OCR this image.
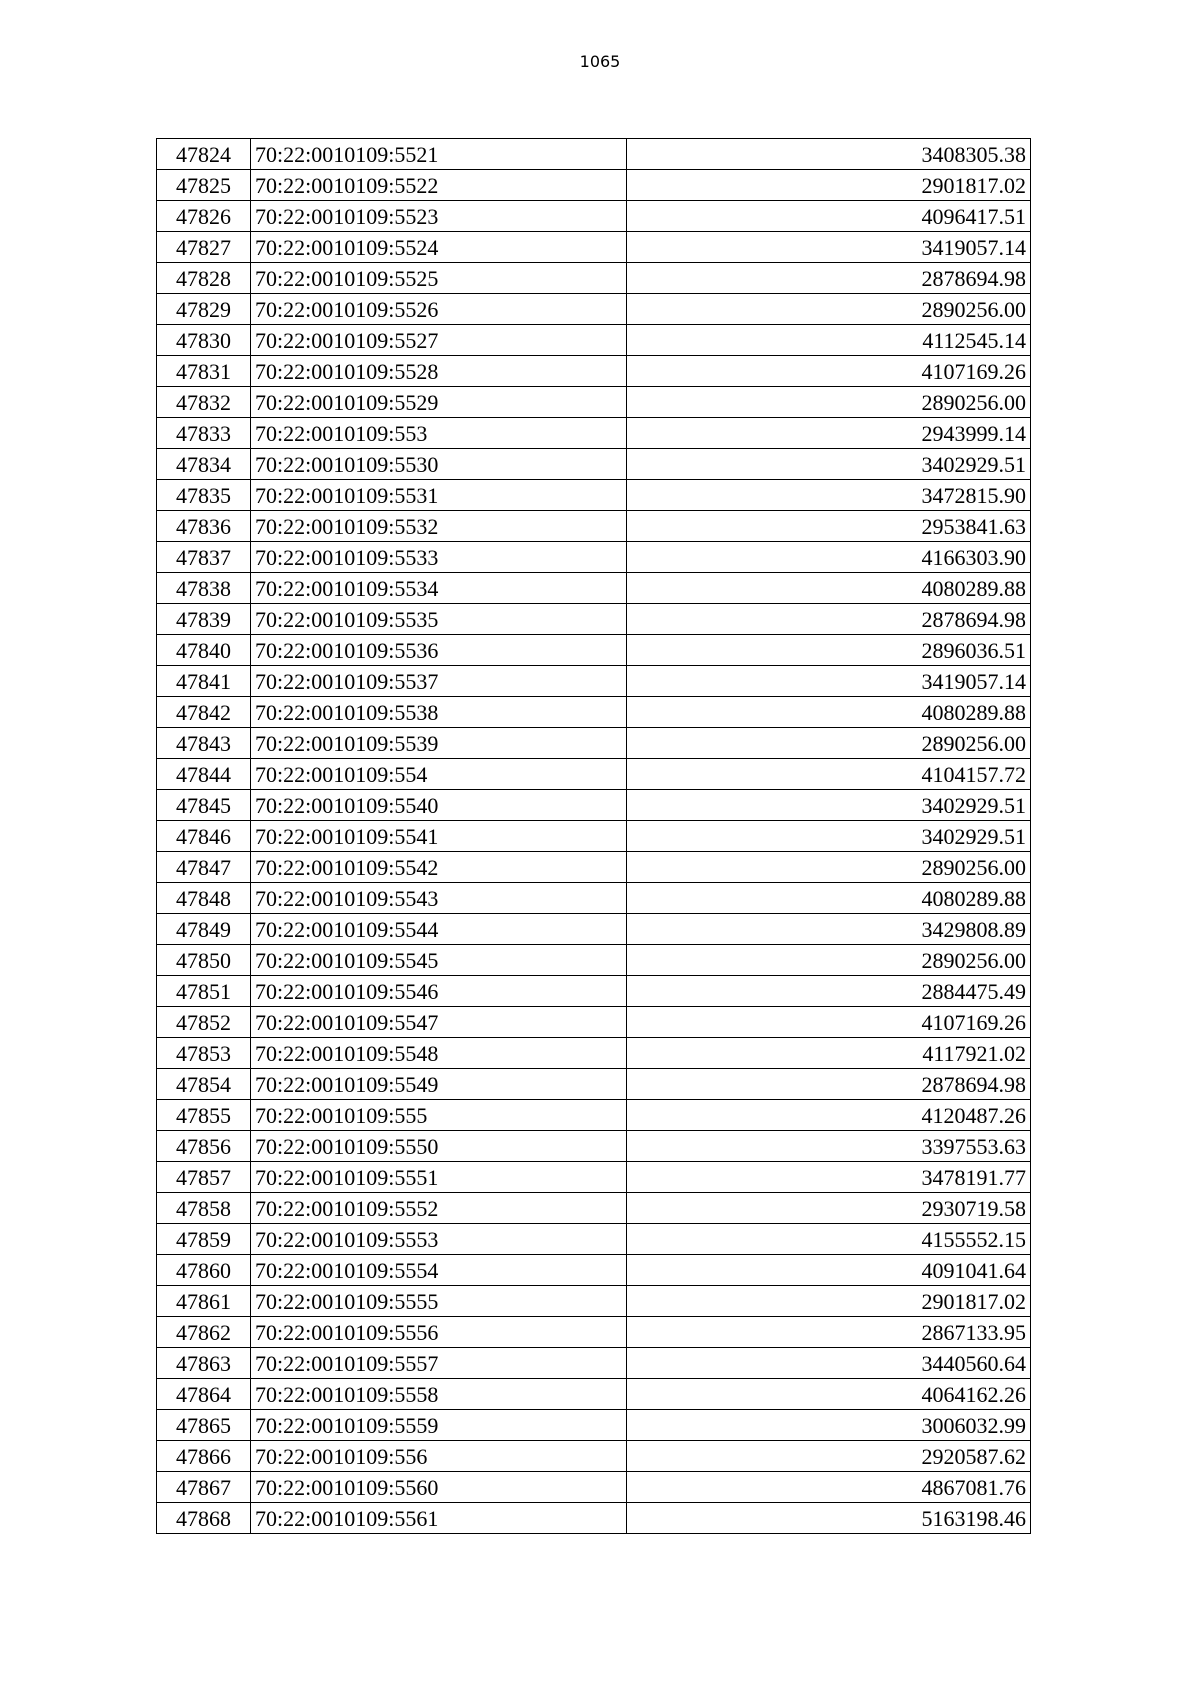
1065
47824	70:22:0010109:5521	3408305.38
47825	70:22:0010109:5522	2901817.02
47826	70:22:0010109:5523	4096417.51
47827	70:22:0010109:5524	3419057.14
47828	70:22:0010109:5525	2878694.98
47829	70:22:0010109:5526	2890256.00
47830	70:22:0010109:5527	4112545.14
47831	70:22:0010109:5528	4107169.26
47832	70:22:0010109:5529	2890256.00
47833	70:22:0010109:553	2943999.14
47834	70:22:0010109:5530	3402929.51
47835	70:22:0010109:5531	3472815.90
47836	70:22:0010109:5532	2953841.63
47837	70:22:0010109:5533	4166303.90
47838	70:22:0010109:5534	4080289.88
47839	70:22:0010109:5535	2878694.98
47840	70:22:0010109:5536	2896036.51
47841	70:22:0010109:5537	3419057.14
47842	70:22:0010109:5538	4080289.88
47843	70:22:0010109:5539	2890256.00
47844	70:22:0010109:554	4104157.72
47845	70:22:0010109:5540	3402929.51
47846	70:22:0010109:5541	3402929.51
47847	70:22:0010109:5542	2890256.00
47848	70:22:0010109:5543	4080289.88
47849	70:22:0010109:5544	3429808.89
47850	70:22:0010109:5545	2890256.00
47851	70:22:0010109:5546	2884475.49
47852	70:22:0010109:5547	4107169.26
47853	70:22:0010109:5548	4117921.02
47854	70:22:0010109:5549	2878694.98
47855	70:22:0010109:555	4120487.26
47856	70:22:0010109:5550	3397553.63
47857	70:22:0010109:5551	3478191.77
47858	70:22:0010109:5552	2930719.58
47859	70:22:0010109:5553	4155552.15
47860	70:22:0010109:5554	4091041.64
47861	70:22:0010109:5555	2901817.02
47862	70:22:0010109:5556	2867133.95
47863	70:22:0010109:5557	3440560.64
47864	70:22:0010109:5558	4064162.26
47865	70:22:0010109:5559	3006032.99
47866	70:22:0010109:556	2920587.62
47867	70:22:0010109:5560	4867081.76
47868	70:22:0010109:5561	5163198.46
